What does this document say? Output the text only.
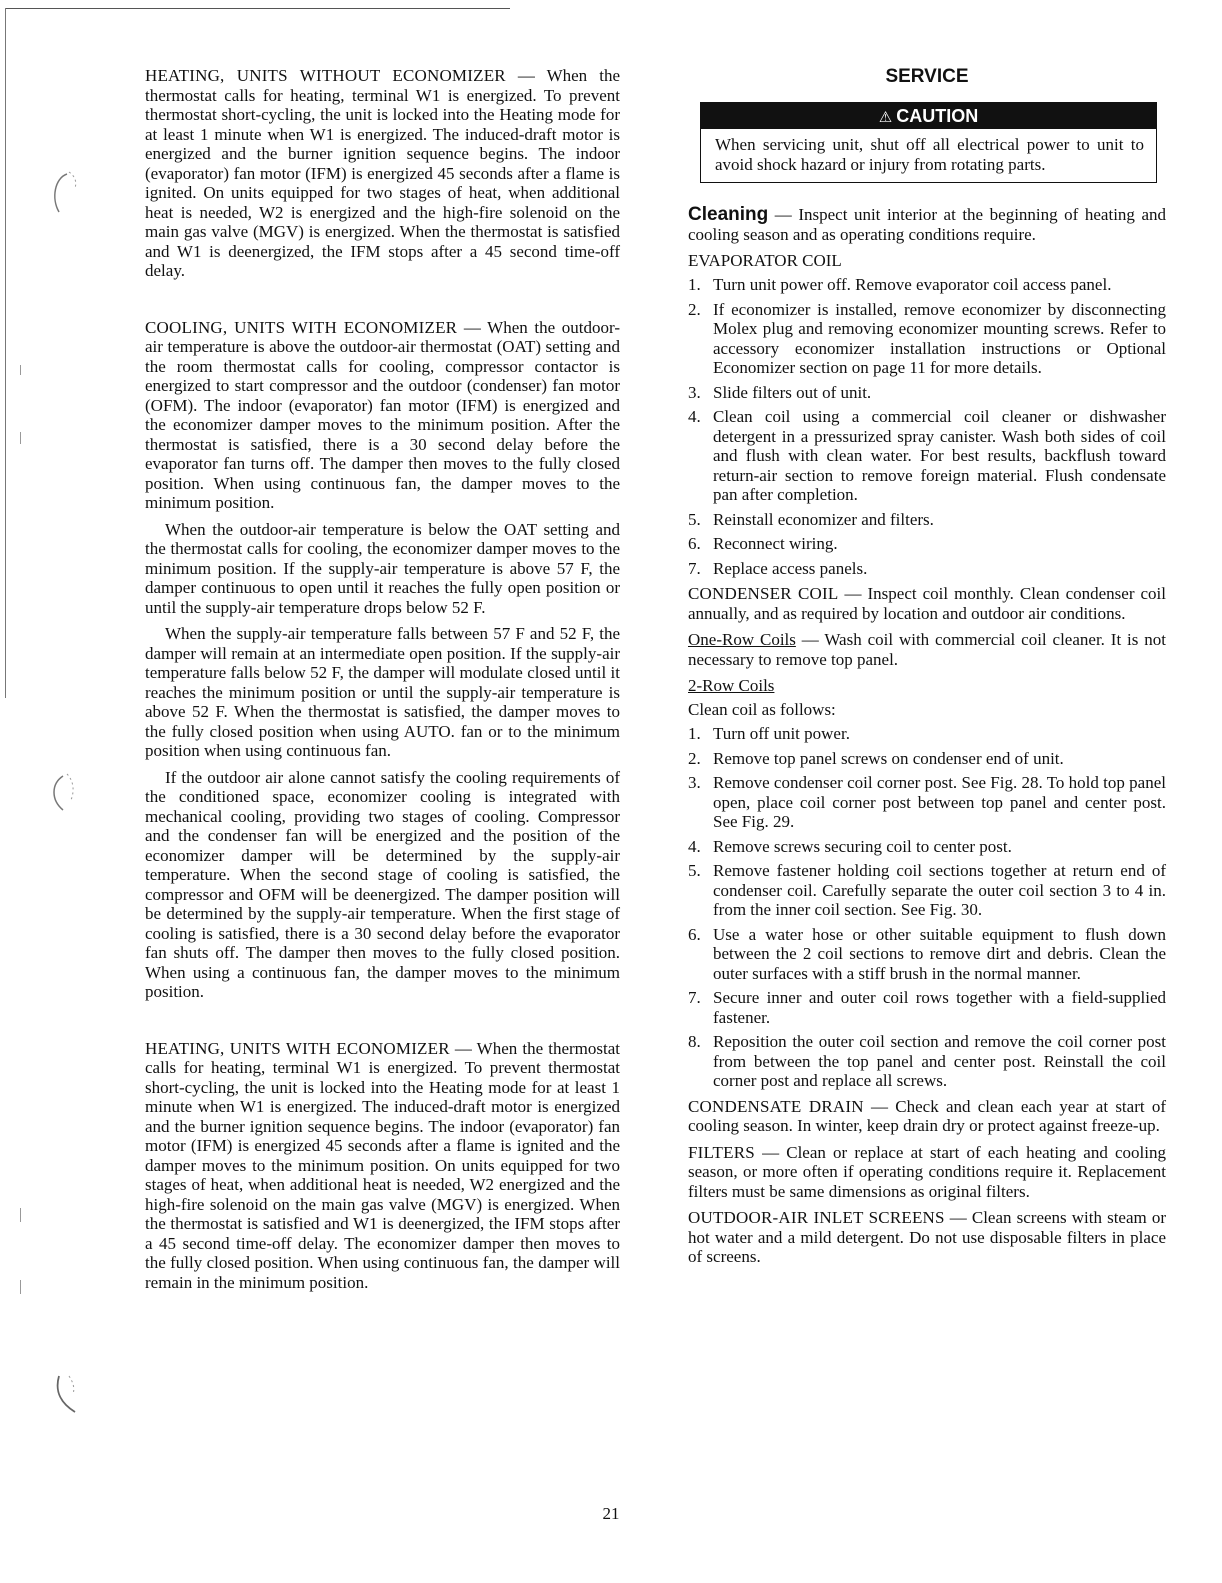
HEATING, UNITS WITHOUT ECONOMIZER — When the thermostat calls for heating, terminal W1 is energized. To prevent thermostat short-cycling, the unit is locked into the Heating mode for at least 1 minute when W1 is energized. The induced-draft motor is energized and the burner ignition sequence begins. The indoor (evaporator) fan motor (IFM) is energized 45 seconds after a flame is ignited. On units equipped for two stages of heat, when additional heat is needed, W2 is energized and the high-fire solenoid on the main gas valve (MGV) is energized. When the thermostat is satisfied and W1 is deenergized, the IFM stops after a 45 second time-off delay.

COOLING, UNITS WITH ECONOMIZER — When the outdoor-air temperature is above the outdoor-air thermostat (OAT) setting and the room thermostat calls for cooling, compressor contactor is energized to start compressor and the outdoor (condenser) fan motor (OFM). The indoor (evaporator) fan motor (IFM) is energized and the economizer damper moves to the minimum position. After the thermostat is satisfied, there is a 30 second delay before the evaporator fan turns off. The damper then moves to the fully closed position. When using continuous fan, the damper moves to the minimum position.

When the outdoor-air temperature is below the OAT setting and the thermostat calls for cooling, the economizer damper moves to the minimum position. If the supply-air temperature is above 57 F, the damper continuous to open until it reaches the fully open position or until the supply-air temperature drops below 52 F.

When the supply-air temperature falls between 57 F and 52 F, the damper will remain at an intermediate open position. If the supply-air temperature falls below 52 F, the damper will modulate closed until it reaches the minimum position or until the supply-air temperature is above 52 F. When the thermostat is satisfied, the damper moves to the fully closed position when using AUTO. fan or to the minimum position when using continuous fan.

If the outdoor air alone cannot satisfy the cooling requirements of the conditioned space, economizer cooling is integrated with mechanical cooling, providing two stages of cooling. Compressor and the condenser fan will be energized and the position of the economizer damper will be determined by the supply-air temperature. When the second stage of cooling is satisfied, the compressor and OFM will be deenergized. The damper position will be determined by the supply-air temperature. When the first stage of cooling is satisfied, there is a 30 second delay before the evaporator fan shuts off. The damper then moves to the fully closed position. When using a continuous fan, the damper moves to the minimum position.

HEATING, UNITS WITH ECONOMIZER — When the thermostat calls for heating, terminal W1 is energized. To prevent thermostat short-cycling, the unit is locked into the Heating mode for at least 1 minute when W1 is energized. The induced-draft motor is energized and the burner ignition sequence begins. The indoor (evaporator) fan motor (IFM) is energized 45 seconds after a flame is ignited and the damper moves to the minimum position. On units equipped for two stages of heat, when additional heat is needed, W2 energized and the high-fire solenoid on the main gas valve (MGV) is energized. When the thermostat is satisfied and W1 is deenergized, the IFM stops after a 45 second time-off delay. The economizer damper then moves to the fully closed position. When using continuous fan, the damper will remain in the minimum position.

SERVICE
⚠ CAUTION

When servicing unit, shut off all electrical power to unit to avoid shock hazard or injury from rotating parts.

Cleaning — Inspect unit interior at the beginning of heating and cooling season and as operating conditions require.

EVAPORATOR COIL
1. Turn unit power off. Remove evaporator coil access panel.
2. If economizer is installed, remove economizer by disconnecting Molex plug and removing economizer mounting screws. Refer to accessory economizer installation instructions or Optional Economizer section on page 11 for more details.
3. Slide filters out of unit.
4. Clean coil using a commercial coil cleaner or dishwasher detergent in a pressurized spray canister. Wash both sides of coil and flush with clean water. For best results, backflush toward return-air section to remove foreign material. Flush condensate pan after completion.
5. Reinstall economizer and filters.
6. Reconnect wiring.
7. Replace access panels.

CONDENSER COIL — Inspect coil monthly. Clean condenser coil annually, and as required by location and outdoor air conditions.

One-Row Coils — Wash coil with commercial coil cleaner. It is not necessary to remove top panel.

2-Row Coils
Clean coil as follows:
1. Turn off unit power.
2. Remove top panel screws on condenser end of unit.
3. Remove condenser coil corner post. See Fig. 28. To hold top panel open, place coil corner post between top panel and center post. See Fig. 29.
4. Remove screws securing coil to center post.
5. Remove fastener holding coil sections together at return end of condenser coil. Carefully separate the outer coil section 3 to 4 in. from the inner coil section. See Fig. 30.
6. Use a water hose or other suitable equipment to flush down between the 2 coil sections to remove dirt and debris. Clean the outer surfaces with a stiff brush in the normal manner.
7. Secure inner and outer coil rows together with a field-supplied fastener.
8. Reposition the outer coil section and remove the coil corner post from between the top panel and center post. Reinstall the coil corner post and replace all screws.

CONDENSATE DRAIN — Check and clean each year at start of cooling season. In winter, keep drain dry or protect against freeze-up.

FILTERS — Clean or replace at start of each heating and cooling season, or more often if operating conditions require it. Replacement filters must be same dimensions as original filters.

OUTDOOR-AIR INLET SCREENS — Clean screens with steam or hot water and a mild detergent. Do not use disposable filters in place of screens.

21
